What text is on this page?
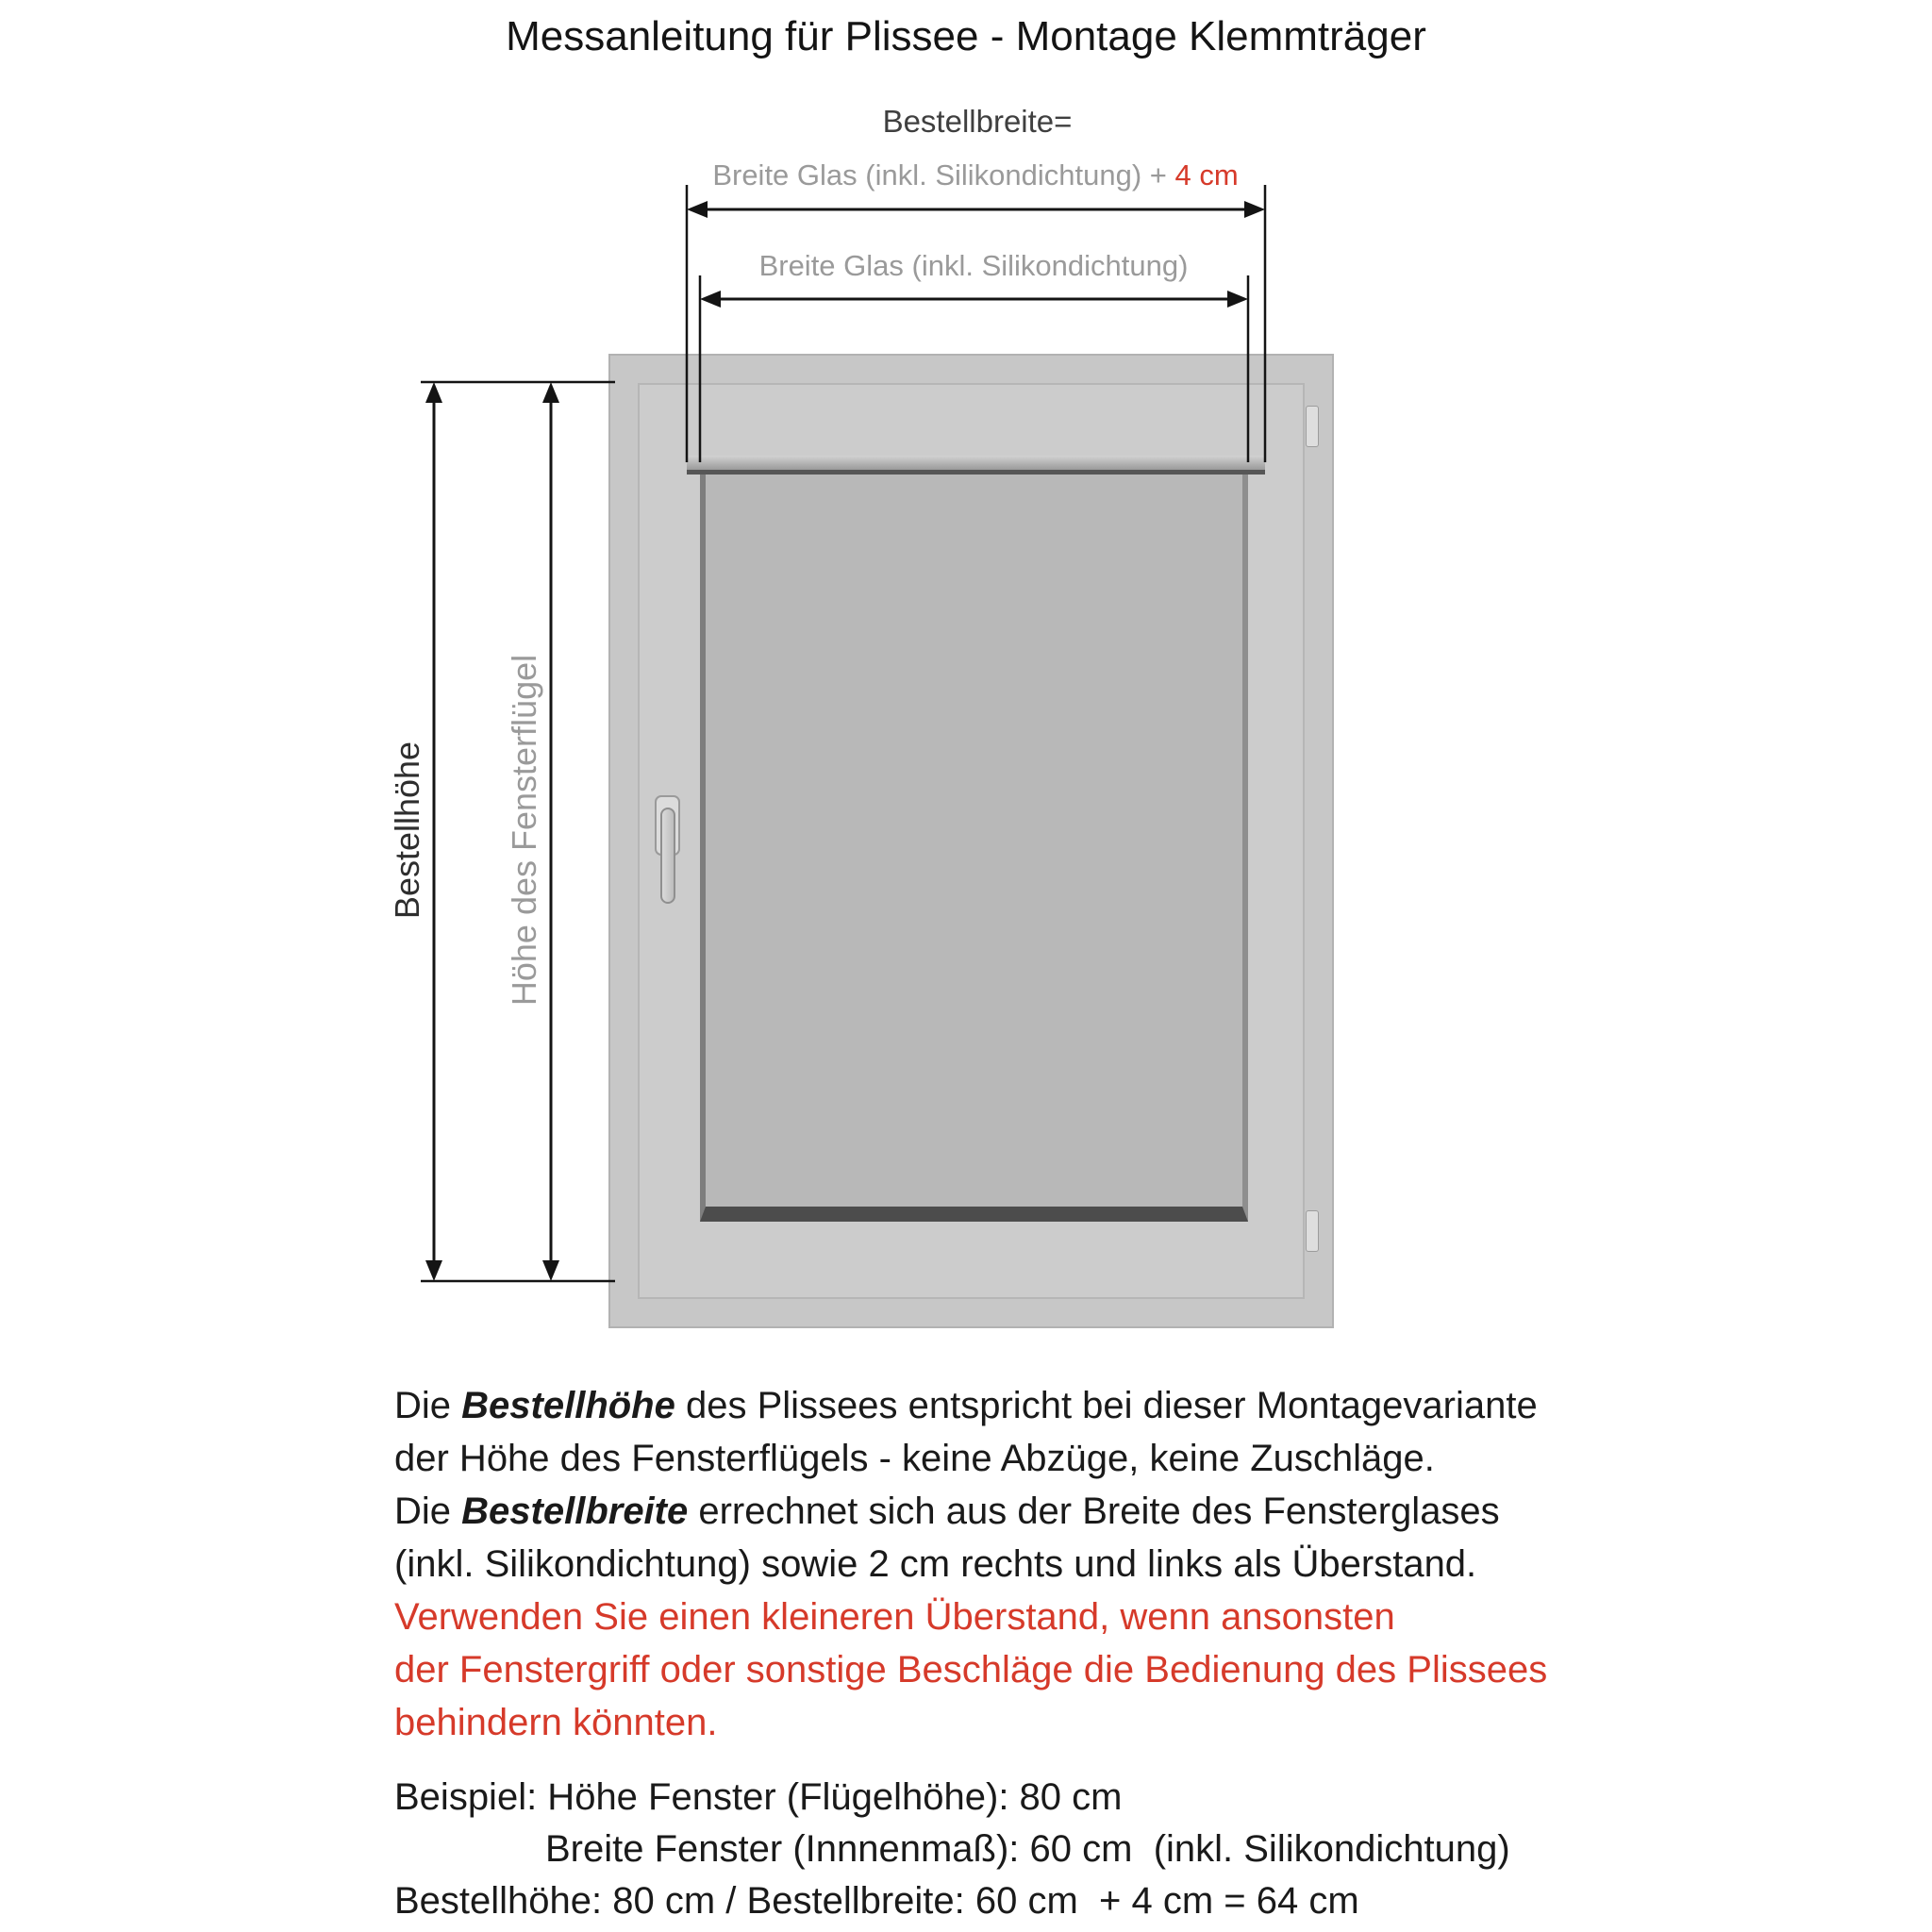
Messanleitung für Plissee - Montage Klemmträger
Bestellbreite=
Breite Glas (inkl. Silikondichtung) + 4 cm
Breite Glas (inkl. Silikondichtung)
Bestellhöhe Höhe des Fensterflügel
Die Bestellhöhe des Plissees entspricht bei dieser Montagevariante
der Höhe des Fensterflügels - keine Abzüge, keine Zuschläge.
Die Bestellbreite errechnet sich aus der Breite des Fensterglases
(inkl. Silikondichtung) sowie 2 cm rechts und links als Überstand.
Verwenden Sie einen kleineren Überstand, wenn ansonsten
der Fenstergriff oder sonstige Beschläge die Bedienung des Plissees
behindern könnten.
Beispiel: Höhe Fenster (Flügelhöhe): 80 cm
Breite Fenster (Innnenmaß): 60 cm  (inkl. Silikondichtung)
Bestellhöhe: 80 cm / Bestellbreite: 60 cm  + 4 cm = 64 cm
